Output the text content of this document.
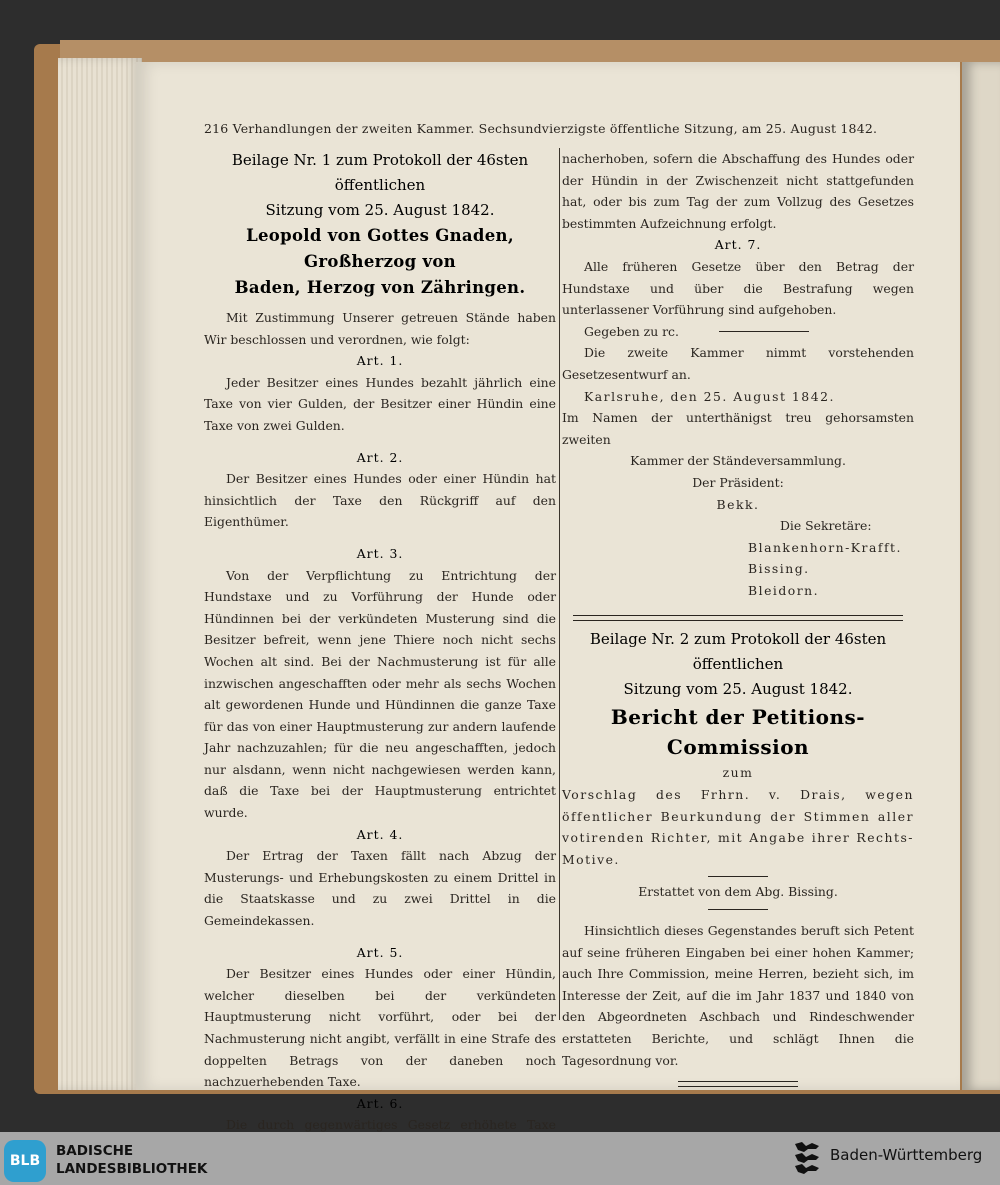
216 Verhandlungen der zweiten Kammer. Sechsundvierzigste öffentliche Sitzung, am 25. August 1842.

Beilage Nr. 1 zum Protokoll der 46sten öffentlichen

Sitzung vom 25. August 1842.

Leopold von Gottes Gnaden, Großherzog von

Baden, Herzog von Zähringen.

Mit Zustimmung Unserer getreuen Stände haben Wir beschlossen und verordnen, wie folgt:

Art. 1.

Jeder Besitzer eines Hundes bezahlt jährlich eine Taxe von vier Gulden, der Besitzer einer Hündin eine Taxe von zwei Gulden.

Art. 2.

Der Besitzer eines Hundes oder einer Hündin hat hinsichtlich der Taxe den Rückgriff auf den Eigenthümer.

Art. 3.

Von der Verpflichtung zu Entrichtung der Hundstaxe und zu Vorführung der Hunde oder Hündinnen bei der verkündeten Musterung sind die Besitzer befreit, wenn jene Thiere noch nicht sechs Wochen alt sind. Bei der Nachmusterung ist für alle inzwischen angeschafften oder mehr als sechs Wochen alt gewordenen Hunde und Hündinnen die ganze Taxe für das von einer Hauptmusterung zur andern laufende Jahr nachzuzahlen; für die neu angeschafften, jedoch nur alsdann, wenn nicht nachgewiesen werden kann, daß die Taxe bei der Hauptmusterung entrichtet wurde.

Art. 4.

Der Ertrag der Taxen fällt nach Abzug der Musterungs- und Erhebungskosten zu einem Drittel in die Staatskasse und zu zwei Drittel in die Gemeindekassen.

Art. 5.

Der Besitzer eines Hundes oder einer Hündin, welcher dieselben bei der verkündeten Hauptmusterung nicht vorführt, oder bei der Nachmusterung nicht angibt, verfällt in eine Strafe des doppelten Betrags von der daneben noch nachzuerhebenden Taxe.

Art. 6.

Die durch gegenwärtiges Gesetz erhöhete Taxe

nacherhoben, sofern die Abschaffung des Hundes oder der Hündin in der Zwischenzeit nicht stattgefunden hat, oder bis zum Tag der zum Vollzug des Gesetzes bestimmten Aufzeichnung erfolgt.

Art. 7.

Alle früheren Gesetze über den Betrag der Hundstaxe und über die Bestrafung wegen unterlassener Vorführung sind aufgehoben.

Gegeben zu rc.

Die zweite Kammer nimmt vorstehenden Gesetzesentwurf an.

Karlsruhe, den 25. August 1842.

Im Namen der unterthänigst treu gehorsamsten zweiten

Kammer der Ständeversammlung.

Der Präsident:

Bekk.

Die Sekretäre:

Blankenhorn-Krafft.

Bissing.

Bleidorn.

Beilage Nr. 2 zum Protokoll der 46sten öffentlichen

Sitzung vom 25. August 1842.

Bericht der Petitions-Commission

zum

Vorschlag des Frhrn. v. Drais, wegen öffentlicher Beurkundung der Stimmen aller votirenden Richter, mit Angabe ihrer Rechts-Motive.

Erstattet von dem Abg. Bissing.

Hinsichtlich dieses Gegenstandes beruft sich Petent auf seine früheren Eingaben bei einer hohen Kammer; auch Ihre Commission, meine Herren, bezieht sich, im Interesse der Zeit, auf die im Jahr 1837 und 1840 von den Abgeordneten Aschbach und Rindeschwender erstatteten Berichte, und schlägt Ihnen die Tagesordnung vor.

BLB
BADISCHE
LANDESBIBLIOTHEK
Baden-Württemberg
